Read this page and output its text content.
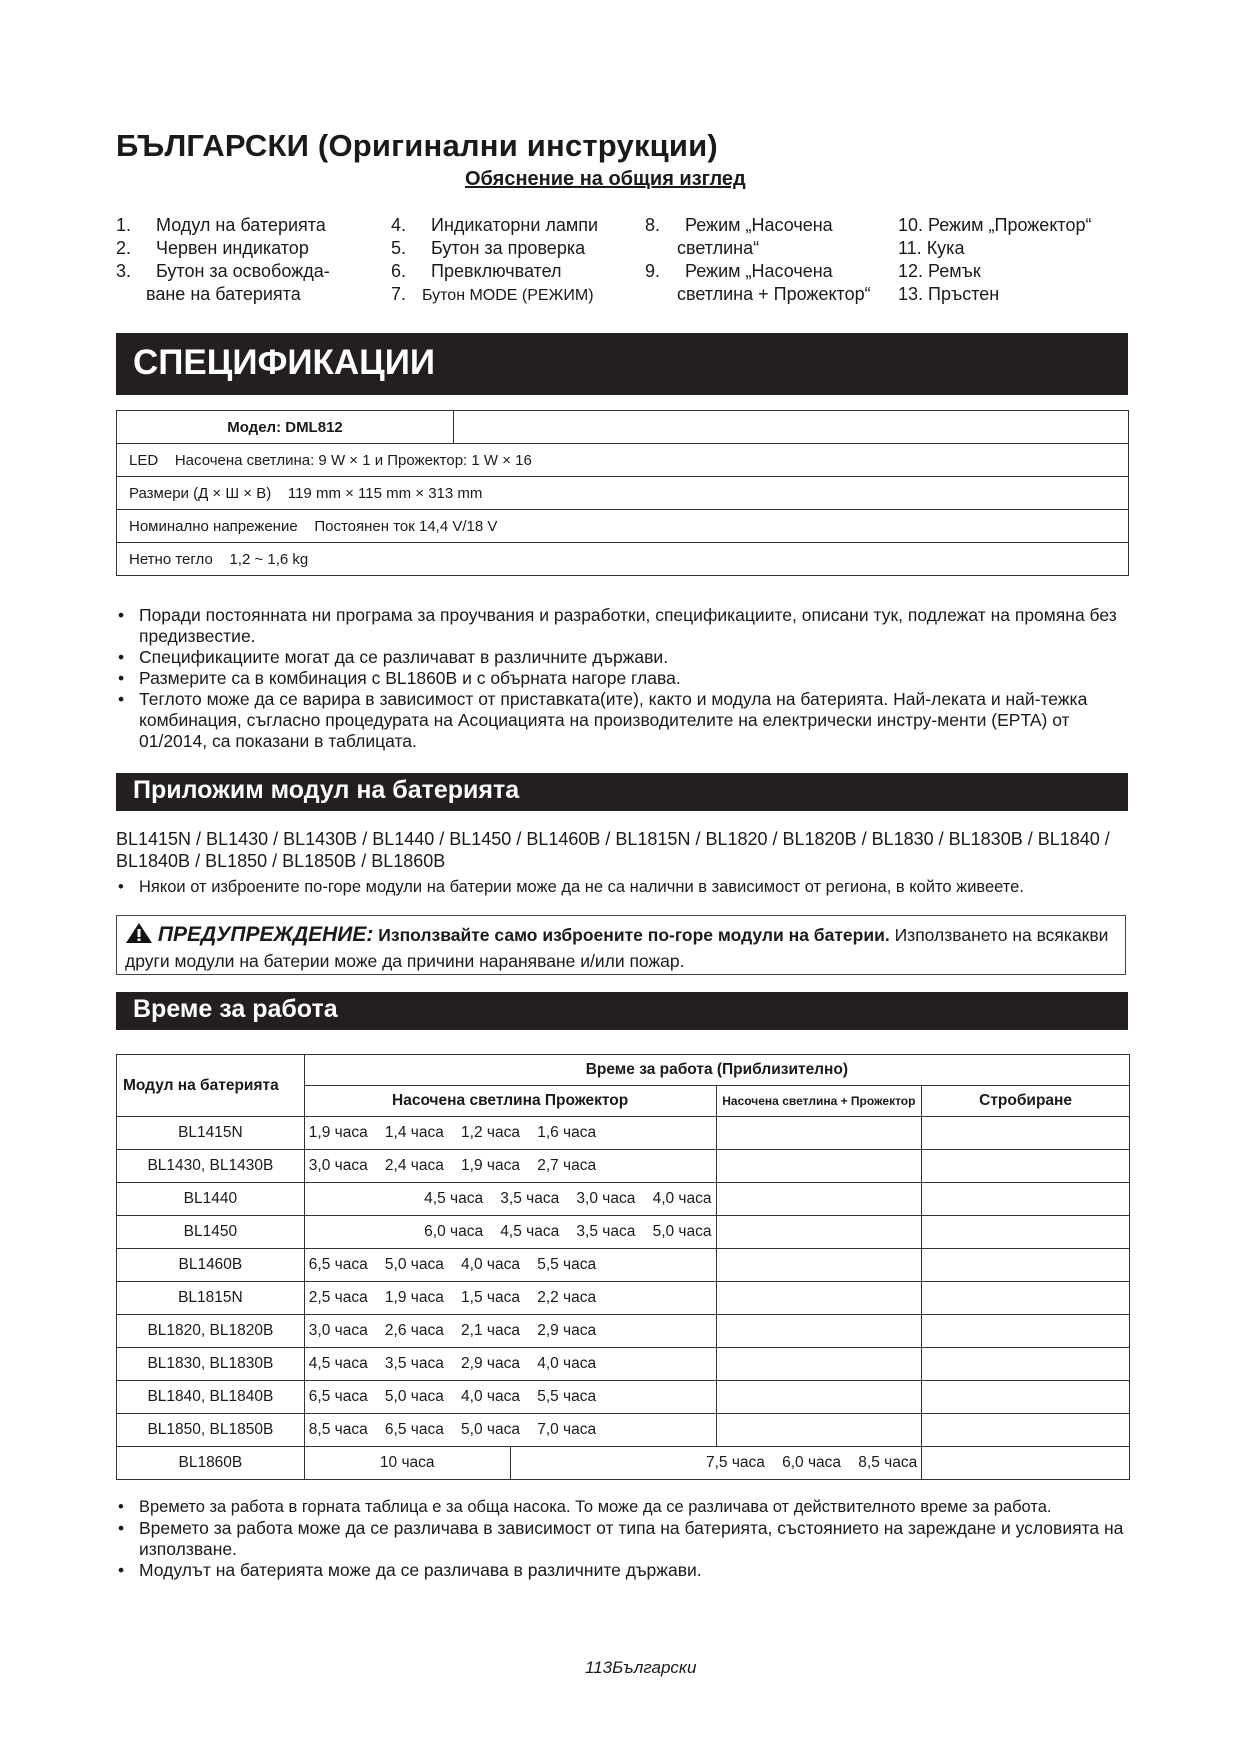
БЪЛГАРСКИ (Оригинални инструкции)
Обяснение на общия изглед
1. Модул на батерията
2. Червен индикатор
3. Бутон за освобожда-
ване на батерията
4. Индикаторни лампи
5. Бутон за проверка
6. Превключвател
7. Бутон MODE (РЕЖИМ)
8. Режим „Насочена
светлина“
9. Режим „Насочена
светлина + Прожектор“
10. Режим „Прожектор“
11. Кука
12. Ремък
13. Пръстен
СПЕЦИФИКАЦИИ
Модел: DML812	
LED    Насочена светлина: 9 W × 1 и Прожектор: 1 W × 16
Размери (Д × Ш × В)    119 mm × 115 mm × 313 mm
Номинално напрежение    Постоянен ток 14,4 V/18 V
Нетно тегло    1,2 ~ 1,6 kg
• Поради постоянната ни програма за проучвания и разработки, спецификациите, описани тук, подлежат на промяна без предизвестие.
• Спецификациите могат да се различават в различните държави.
• Размерите са в комбинация с BL1860B и с обърната нагоре глава.
• Теглото може да се варира в зависимост от приставката(ите), както и модула на батерията. Най-леката и най-тежка комбинация, съгласно процедурата на Асоциацията на производителите на електрически инстру-менти (EPTA) от 01/2014, са показани в таблицата.
Приложим модул на батерията
BL1415N / BL1430 / BL1430B / BL1440 / BL1450 / BL1460B / BL1815N / BL1820 / BL1820B / BL1830 / BL1830B / BL1840 / BL1840B / BL1850 / BL1850B / BL1860B
• Някои от изброените по-горе модули на батерии може да не са налични в зависимост от региона, в който живеете.
ПРЕДУПРЕЖДЕНИЕ: Използвайте само изброените по-горе модули на батерии. Използването на всякакви други модули на батерии може да причини нараняване и/или пожар.
Време за работа
Модул на батерията	Време за работа (Приблизително)			
	Насочена светлина Прожектор		Насочена светлина + Прожектор	Стробиране
BL1415N	1,9 часа    1,4 часа    1,2 часа    1,6 часа			
BL1430, BL1430B	3,0 часа    2,4 часа    1,9 часа    2,7 часа			
BL1440	4,5 часа    3,5 часа    3,0 часа    4,0 часа			
BL1450	6,0 часа    4,5 часа    3,5 часа    5,0 часа			
BL1460B	6,5 часа    5,0 часа    4,0 часа    5,5 часа			
BL1815N	2,5 часа    1,9 часа    1,5 часа    2,2 часа			
BL1820, BL1820B	3,0 часа    2,6 часа    2,1 часа    2,9 часа			
BL1830, BL1830B	4,5 часа    3,5 часа    2,9 часа    4,0 часа			
BL1840, BL1840B	6,5 часа    5,0 часа    4,0 часа    5,5 часа			
BL1850, BL1850B	8,5 часа    6,5 часа    5,0 часа    7,0 часа			
BL1860B	10 часа	7,5 часа    6,0 часа    8,5 часа		
• Времето за работа в горната таблица е за обща насока. То може да се различава от действителното време за работа.
• Времето за работа може да се различава в зависимост от типа на батерията, състоянието на зареждане и условията на използване.
• Модулът на батерията може да се различава в различните държави.
113Български
